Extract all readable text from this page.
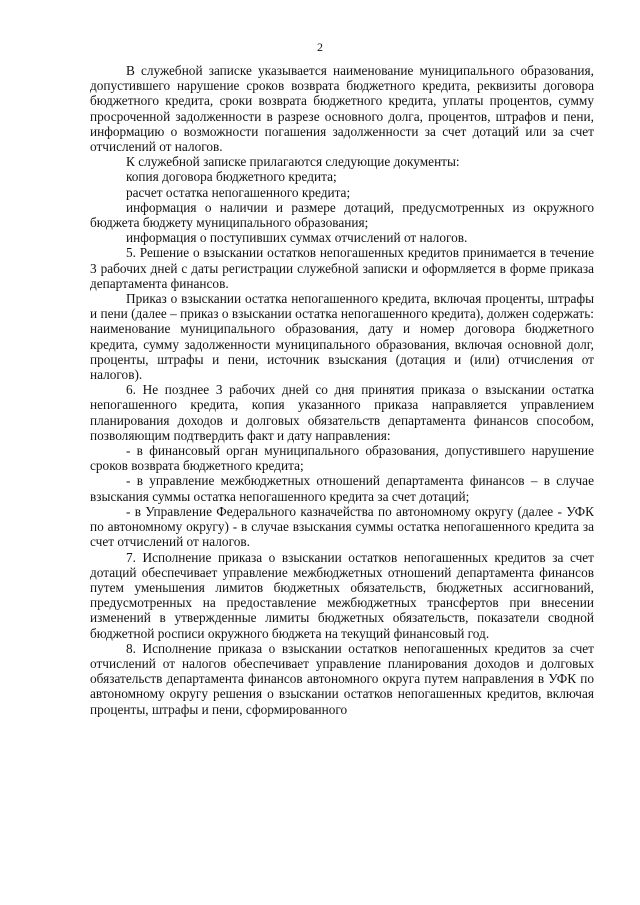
2

В служебной записке указывается наименование муниципального образования, допустившего нарушение сроков возврата бюджетного кредита, реквизиты договора бюджетного кредита, сроки возврата бюджетного кредита, уплаты процентов, сумму просроченной задолженности в разрезе основного долга, процентов, штрафов и пени, информацию о возможности погашения задолженности за счет дотаций или за счет отчислений от налогов.

К служебной записке прилагаются следующие документы:

копия договора бюджетного кредита;

расчет остатка непогашенного кредита;

информация о наличии и размере дотаций, предусмотренных из окружного бюджета бюджету муниципального образования;

информация о поступивших суммах отчислений от налогов.

5. Решение о взыскании остатков непогашенных кредитов принимается в течение 3 рабочих дней с даты регистрации служебной записки и оформляется в форме приказа департамента финансов.

Приказ о взыскании остатка непогашенного кредита, включая проценты, штрафы и пени (далее – приказ о взыскании остатка непогашенного кредита), должен содержать: наименование муниципального образования, дату и номер договора бюджетного кредита, сумму задолженности муниципального образования, включая основной долг, проценты, штрафы и пени, источник взыскания (дотация и (или) отчисления от налогов).

6. Не позднее 3 рабочих дней со дня принятия приказа о взыскании остатка непогашенного кредита, копия указанного приказа направляется управлением планирования доходов и долговых обязательств департамента финансов способом, позволяющим подтвердить факт и дату направления:

- в финансовый орган муниципального образования, допустившего нарушение сроков возврата бюджетного кредита;

- в управление межбюджетных отношений департамента финансов – в случае взыскания суммы остатка непогашенного кредита за счет дотаций;

- в Управление Федерального казначейства по автономному округу (далее - УФК по автономному округу) - в случае взыскания суммы остатка непогашенного кредита за счет отчислений от налогов.

7. Исполнение приказа о взыскании остатков непогашенных кредитов за счет дотаций обеспечивает управление межбюджетных отношений департамента финансов путем уменьшения лимитов бюджетных обязательств, бюджетных ассигнований, предусмотренных на предоставление межбюджетных трансфертов при внесении изменений в утвержденные лимиты бюджетных обязательств, показатели сводной бюджетной росписи окружного бюджета на текущий финансовый год.

8. Исполнение приказа о взыскании остатков непогашенных кредитов за счет отчислений от налогов обеспечивает управление планирования доходов и долговых обязательств департамента финансов автономного округа путем направления в УФК по автономному округу решения о взыскании остатков непогашенных кредитов, включая проценты, штрафы и пени, сформированного
